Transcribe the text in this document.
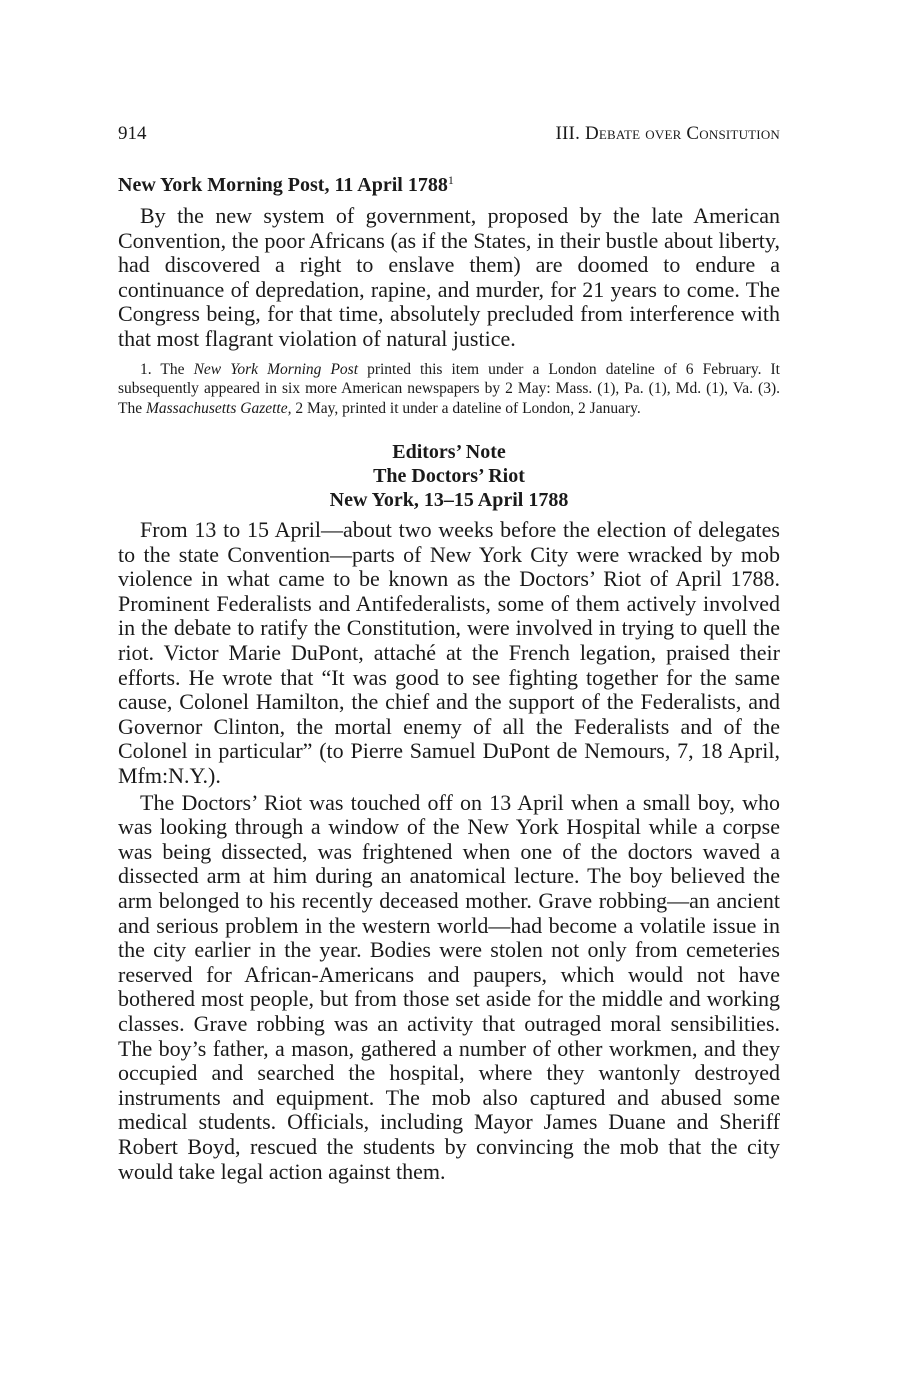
914	III. Debate over Consitution
New York Morning Post, 11 April 1788$^1$

By the new system of government, proposed by the late American Convention, the poor Africans (as if the States, in their bustle about liberty, had discovered a right to enslave them) are doomed to endure a continuance of depredation, rapine, and murder, for 21 years to come. The Congress being, for that time, absolutely precluded from interference with that most flagrant violation of natural justice.

1. The New York Morning Post printed this item under a London dateline of 6 February. It subsequently appeared in six more American newspapers by 2 May: Mass. (1), Pa. (1), Md. (1), Va. (3). The Massachusetts Gazette, 2 May, printed it under a dateline of London, 2 January.
Editors’ Note
The Doctors’ Riot
New York, 13–15 April 1788

From 13 to 15 April—about two weeks before the election of delegates to the state Convention—parts of New York City were wracked by mob violence in what came to be known as the Doctors’ Riot of April 1788. Prominent Federalists and Antifederalists, some of them actively involved in the debate to ratify the Constitution, were involved in trying to quell the riot. Victor Marie DuPont, attaché at the French legation, praised their efforts. He wrote that “It was good to see fighting together for the same cause, Colonel Hamilton, the chief and the support of the Federalists, and Governor Clinton, the mortal enemy of all the Federalists and of the Colonel in particular” (to Pierre Samuel DuPont de Nemours, 7, 18 April, Mfm:N.Y.).

The Doctors’ Riot was touched off on 13 April when a small boy, who was looking through a window of the New York Hospital while a corpse was being dissected, was frightened when one of the doctors waved a dissected arm at him during an anatomical lecture. The boy believed the arm belonged to his recently deceased mother. Grave robbing—an ancient and serious problem in the western world—had become a volatile issue in the city earlier in the year. Bodies were stolen not only from cemeteries reserved for African-Americans and paupers, which would not have bothered most people, but from those set aside for the middle and working classes. Grave robbing was an activity that outraged moral sensibilities. The boy’s father, a mason, gathered a number of other workmen, and they occupied and searched the hospital, where they wantonly destroyed instruments and equipment. The mob also captured and abused some medical students. Officials, including Mayor James Duane and Sheriff Robert Boyd, rescued the students by convincing the mob that the city would take legal action against them.
